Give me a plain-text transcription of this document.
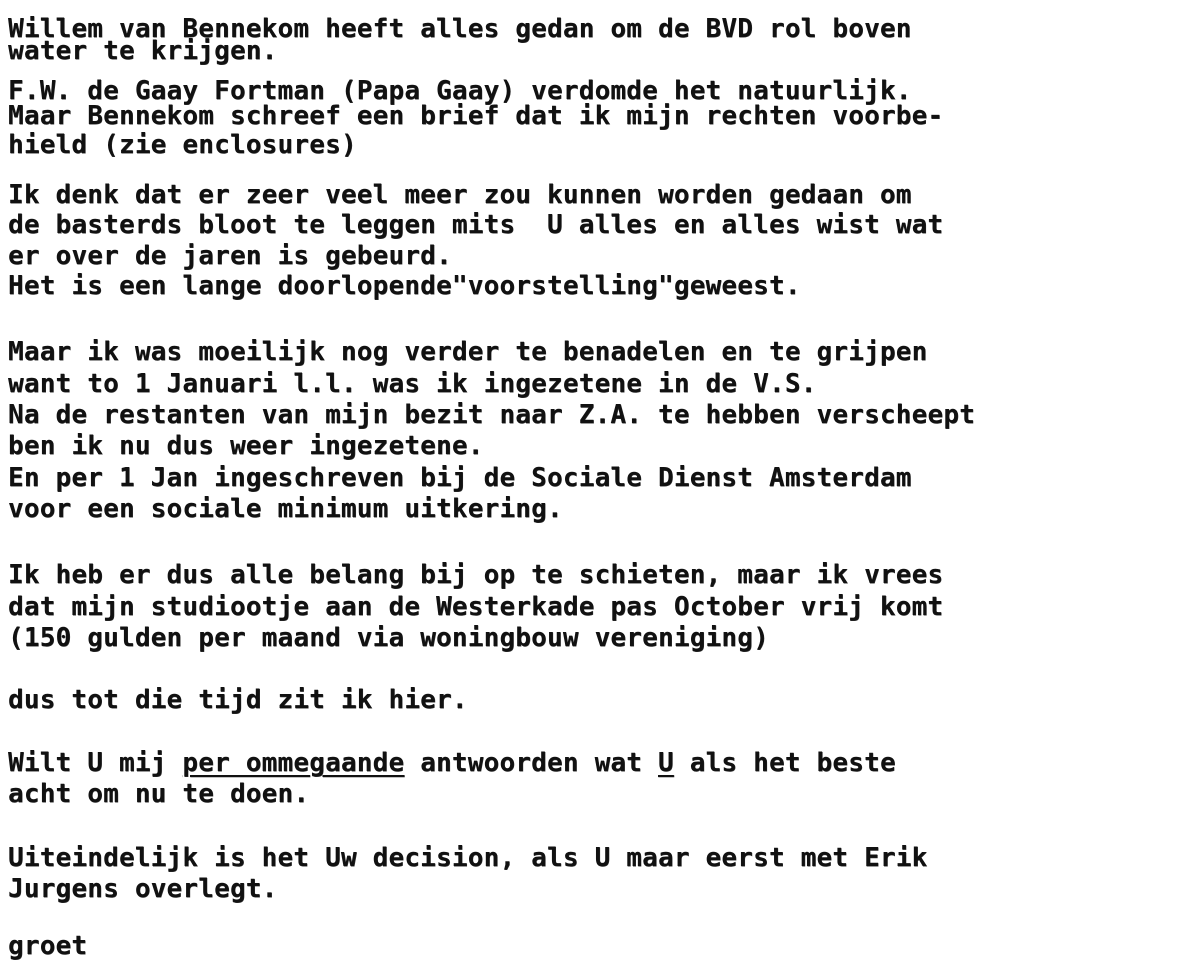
Willem van Bennekom heeft alles gedan om de BVD rol boven

water te krijgen.

F.W. de Gaay Fortman (Papa Gaay) verdomde het natuurlijk.

Maar Bennekom schreef een brief dat ik mijn rechten voorbe-

hield (zie enclosures)

Ik denk dat er zeer veel meer zou kunnen worden gedaan om

de basterds bloot te leggen mits  U alles en alles wist wat

er over de jaren is gebeurd.

Het is een lange doorlopende"voorstelling"geweest.

Maar ik was moeilijk nog verder te benadelen en te grijpen

want to 1 Januari l.l. was ik ingezetene in de V.S.

Na de restanten van mijn bezit naar Z.A. te hebben verscheept

ben ik nu dus weer ingezetene.

En per 1 Jan ingeschreven bij de Sociale Dienst Amsterdam

voor een sociale minimum uitkering.

Ik heb er dus alle belang bij op te schieten, maar ik vrees

dat mijn studiootje aan de Westerkade pas October vrij komt

(150 gulden per maand via woningbouw vereniging)

dus tot die tijd zit ik hier.

Wilt U mij per ommegaande antwoorden wat U als het beste

acht om nu te doen.

Uiteindelijk is het Uw decision, als U maar eerst met Erik

Jurgens overlegt.

groet
